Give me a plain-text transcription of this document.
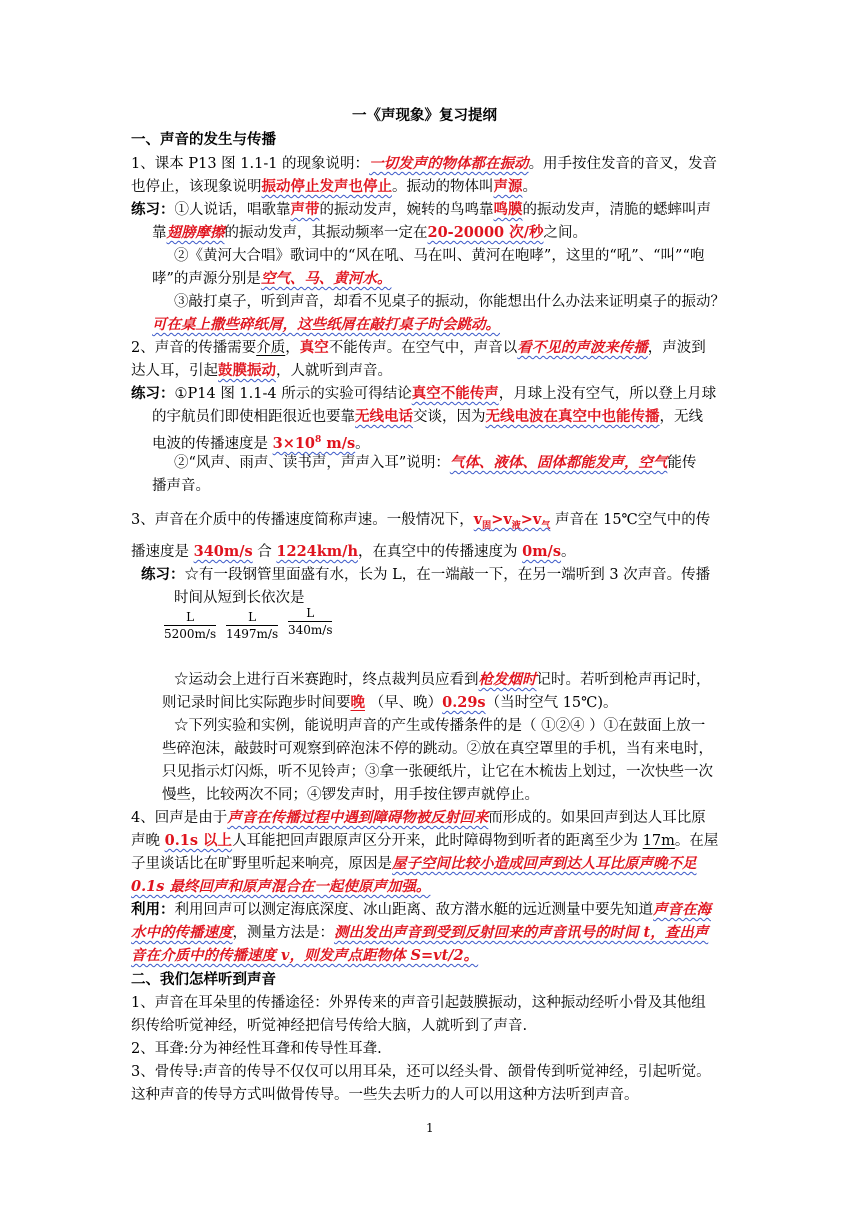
一《声现象》复习提纲
一、声音的发生与传播
1、课本 P13 图 1.1-1 的现象说明：一切发声的物体都在振动。用手按住发音的音叉，发音
也停止，该现象说明振动停止发声也停止。振动的物体叫声源。
练习：①人说话，唱歌靠声带的振动发声，婉转的鸟鸣靠鸣膜的振动发声，清脆的蟋蟀叫声
靠翅膀摩擦的振动发声，其振动频率一定在20-20000 次/秒之间。
②《黄河大合唱》歌词中的“风在吼、马在叫、黄河在咆哮”，这里的“吼”、“叫”“咆
哮”的声源分别是空气、马、黄河水。
③敲打桌子，听到声音，却看不见桌子的振动，你能想出什么办法来证明桌子的振动？
可在桌上撒些碎纸屑，这些纸屑在敲打桌子时会跳动。
2、声音的传播需要介质，真空不能传声。在空气中，声音以看不见的声波来传播，声波到
达人耳，引起鼓膜振动，人就听到声音。
练习：①P14 图 1.1-4 所示的实验可得结论真空不能传声，月球上没有空气，所以登上月球
的宇航员们即使相距很近也要靠无线电话交谈，因为无线电波在真空中也能传播，无线
电波的传播速度是 $3\times 10^8$ m/s。
②“风声、雨声、读书声，声声入耳”说明：气体、液体、固体都能发声，空气能传
播声音。
3、声音在介质中的传播速度简称声速。一般情况下，$v_固>v_液>v_气$ 声音在 15℃空气中的传
播速度是 340m/s 合 1224km/h，在真空中的传播速度为 0m/s。
练习：☆有一段钢管里面盛有水，长为 L，在一端敲一下，在另一端听到 3 次声音。传播
时间从短到长依次是
$\frac{L}{5200m/s} \frac{L}{1497m/s} \frac{L}{340m/s}$
☆运动会上进行百米赛跑时，终点裁判员应看到枪发烟时记时。若听到枪声再记时，
则记录时间比实际跑步时间要晚 （早、晚）0.29s（当时空气 15℃)。
☆下列实验和实例，能说明声音的产生或传播条件的是（ ①②④ ）①在鼓面上放一
些碎泡沫，敲鼓时可观察到碎泡沫不停的跳动。②放在真空罩里的手机，当有来电时，
只见指示灯闪烁，听不见铃声；③拿一张硬纸片，让它在木梳齿上划过，一次快些一次
慢些，比较两次不同；④锣发声时，用手按住锣声就停止。
4、回声是由于声音在传播过程中遇到障碍物被反射回来而形成的。如果回声到达人耳比原
声晚 0.1s 以上人耳能把回声跟原声区分开来，此时障碍物到听者的距离至少为 17m。在屋
子里谈话比在旷野里听起来响亮，原因是屋子空间比较小造成回声到达人耳比原声晚不足
0.1s 最终回声和原声混合在一起使原声加强。
利用：利用回声可以测定海底深度、冰山距离、敌方潜水艇的远近测量中要先知道声音在海
水中的传播速度，测量方法是：测出发出声音到受到反射回来的声音讯号的时间 t，查出声
音在介质中的传播速度 v，则发声点距物体 S=vt/2。
二、我们怎样听到声音
1、声音在耳朵里的传播途径：外界传来的声音引起鼓膜振动，这种振动经听小骨及其他组
织传给听觉神经，听觉神经把信号传给大脑，人就听到了声音.
2、耳聋:分为神经性耳聋和传导性耳聋.
3、骨传导:声音的传导不仅仅可以用耳朵，还可以经头骨、颌骨传到听觉神经，引起听觉。
这种声音的传导方式叫做骨传导。一些失去听力的人可以用这种方法听到声音。
1
